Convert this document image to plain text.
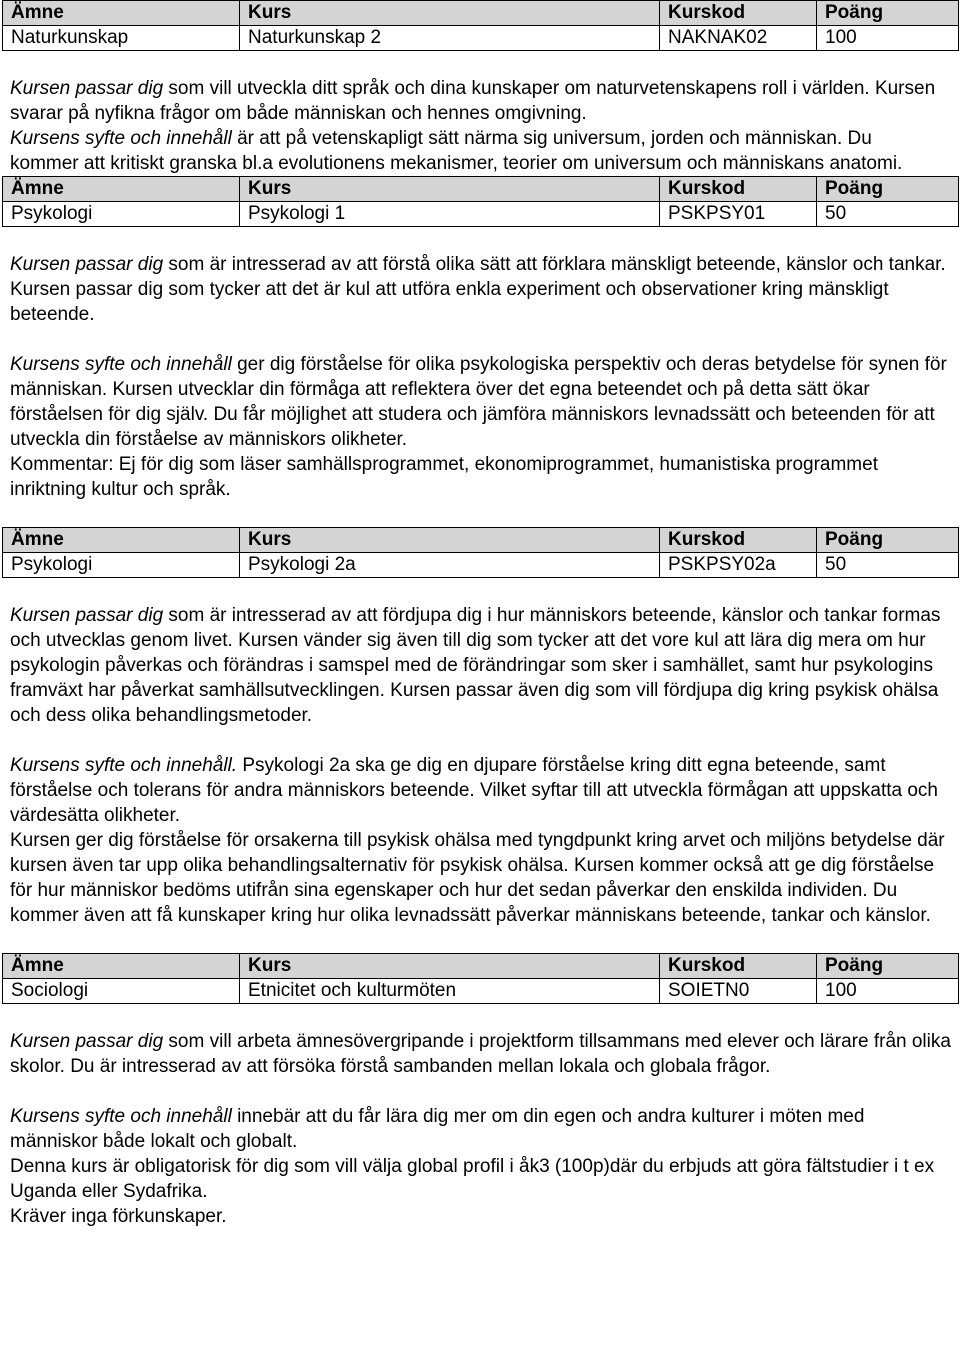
Ämne	Kurs	Kurskod	Poäng
Naturkunskap	Naturkunskap 2	NAKNAK02	100

Kursen passar dig som vill utveckla ditt språk och dina kunskaper om naturvetenskapens roll i världen. Kursen svarar på nyfikna frågor om både människan och hennes omgivning.

Kursens syfte och innehåll är att på vetenskapligt sätt närma sig universum, jorden och människan. Du kommer att kritiskt granska bl.a evolutionens mekanismer, teorier om universum och människans anatomi.

Ämne	Kurs	Kurskod	Poäng
Psykologi	Psykologi 1	PSKPSY01	50

Kursen passar dig som är intresserad av att förstå olika sätt att förklara mänskligt beteende, känslor och tankar. Kursen passar dig som tycker att det är kul att utföra enkla experiment och observationer kring mänskligt beteende.

Kursens syfte och innehåll ger dig förståelse för olika psykologiska perspektiv och deras betydelse för synen för människan. Kursen utvecklar din förmåga att reflektera över det egna beteendet och på detta sätt ökar förståelsen för dig själv. Du får möjlighet att studera och jämföra människors levnadssätt och beteenden för att utveckla din förståelse av människors olikheter.

Kommentar: Ej för dig som läser samhällsprogrammet, ekonomiprogrammet, humanistiska programmet inriktning kultur och språk.

Ämne	Kurs	Kurskod	Poäng
Psykologi	Psykologi 2a	PSKPSY02a	50

Kursen passar dig som är intresserad av att fördjupa dig i hur människors beteende, känslor och tankar formas och utvecklas genom livet. Kursen vänder sig även till dig som tycker att det vore kul att lära dig mera om hur psykologin påverkas och förändras i samspel med de förändringar som sker i samhället, samt hur psykologins framväxt har påverkat samhällsutvecklingen. Kursen passar även dig som vill fördjupa dig kring psykisk ohälsa och dess olika behandlingsmetoder.

Kursens syfte och innehåll. Psykologi 2a ska ge dig en djupare förståelse kring ditt egna beteende, samt förståelse och tolerans för andra människors beteende. Vilket syftar till att utveckla förmågan att uppskatta och värdesätta olikheter.

Kursen ger dig förståelse för orsakerna till psykisk ohälsa med tyngdpunkt kring arvet och miljöns betydelse där kursen även tar upp olika behandlingsalternativ för psykisk ohälsa. Kursen kommer också att ge dig förståelse för hur människor bedöms utifrån sina egenskaper och hur det sedan påverkar den enskilda individen. Du kommer även att få kunskaper kring hur olika levnadssätt påverkar människans beteende, tankar och känslor.

Ämne	Kurs	Kurskod	Poäng
Sociologi	Etnicitet och kulturmöten	SOIETN0	100

Kursen passar dig som vill arbeta ämnesövergripande i projektform tillsammans med elever och lärare från olika skolor. Du är intresserad av att försöka förstå sambanden mellan lokala och globala frågor.

Kursens syfte och innehåll innebär att du får lära dig mer om din egen och andra kulturer i möten med människor både lokalt och globalt.

Denna kurs är obligatorisk för dig som vill välja global profil i åk3 (100p)där du erbjuds att göra fältstudier i t ex Uganda eller Sydafrika.

Kräver inga förkunskaper.
